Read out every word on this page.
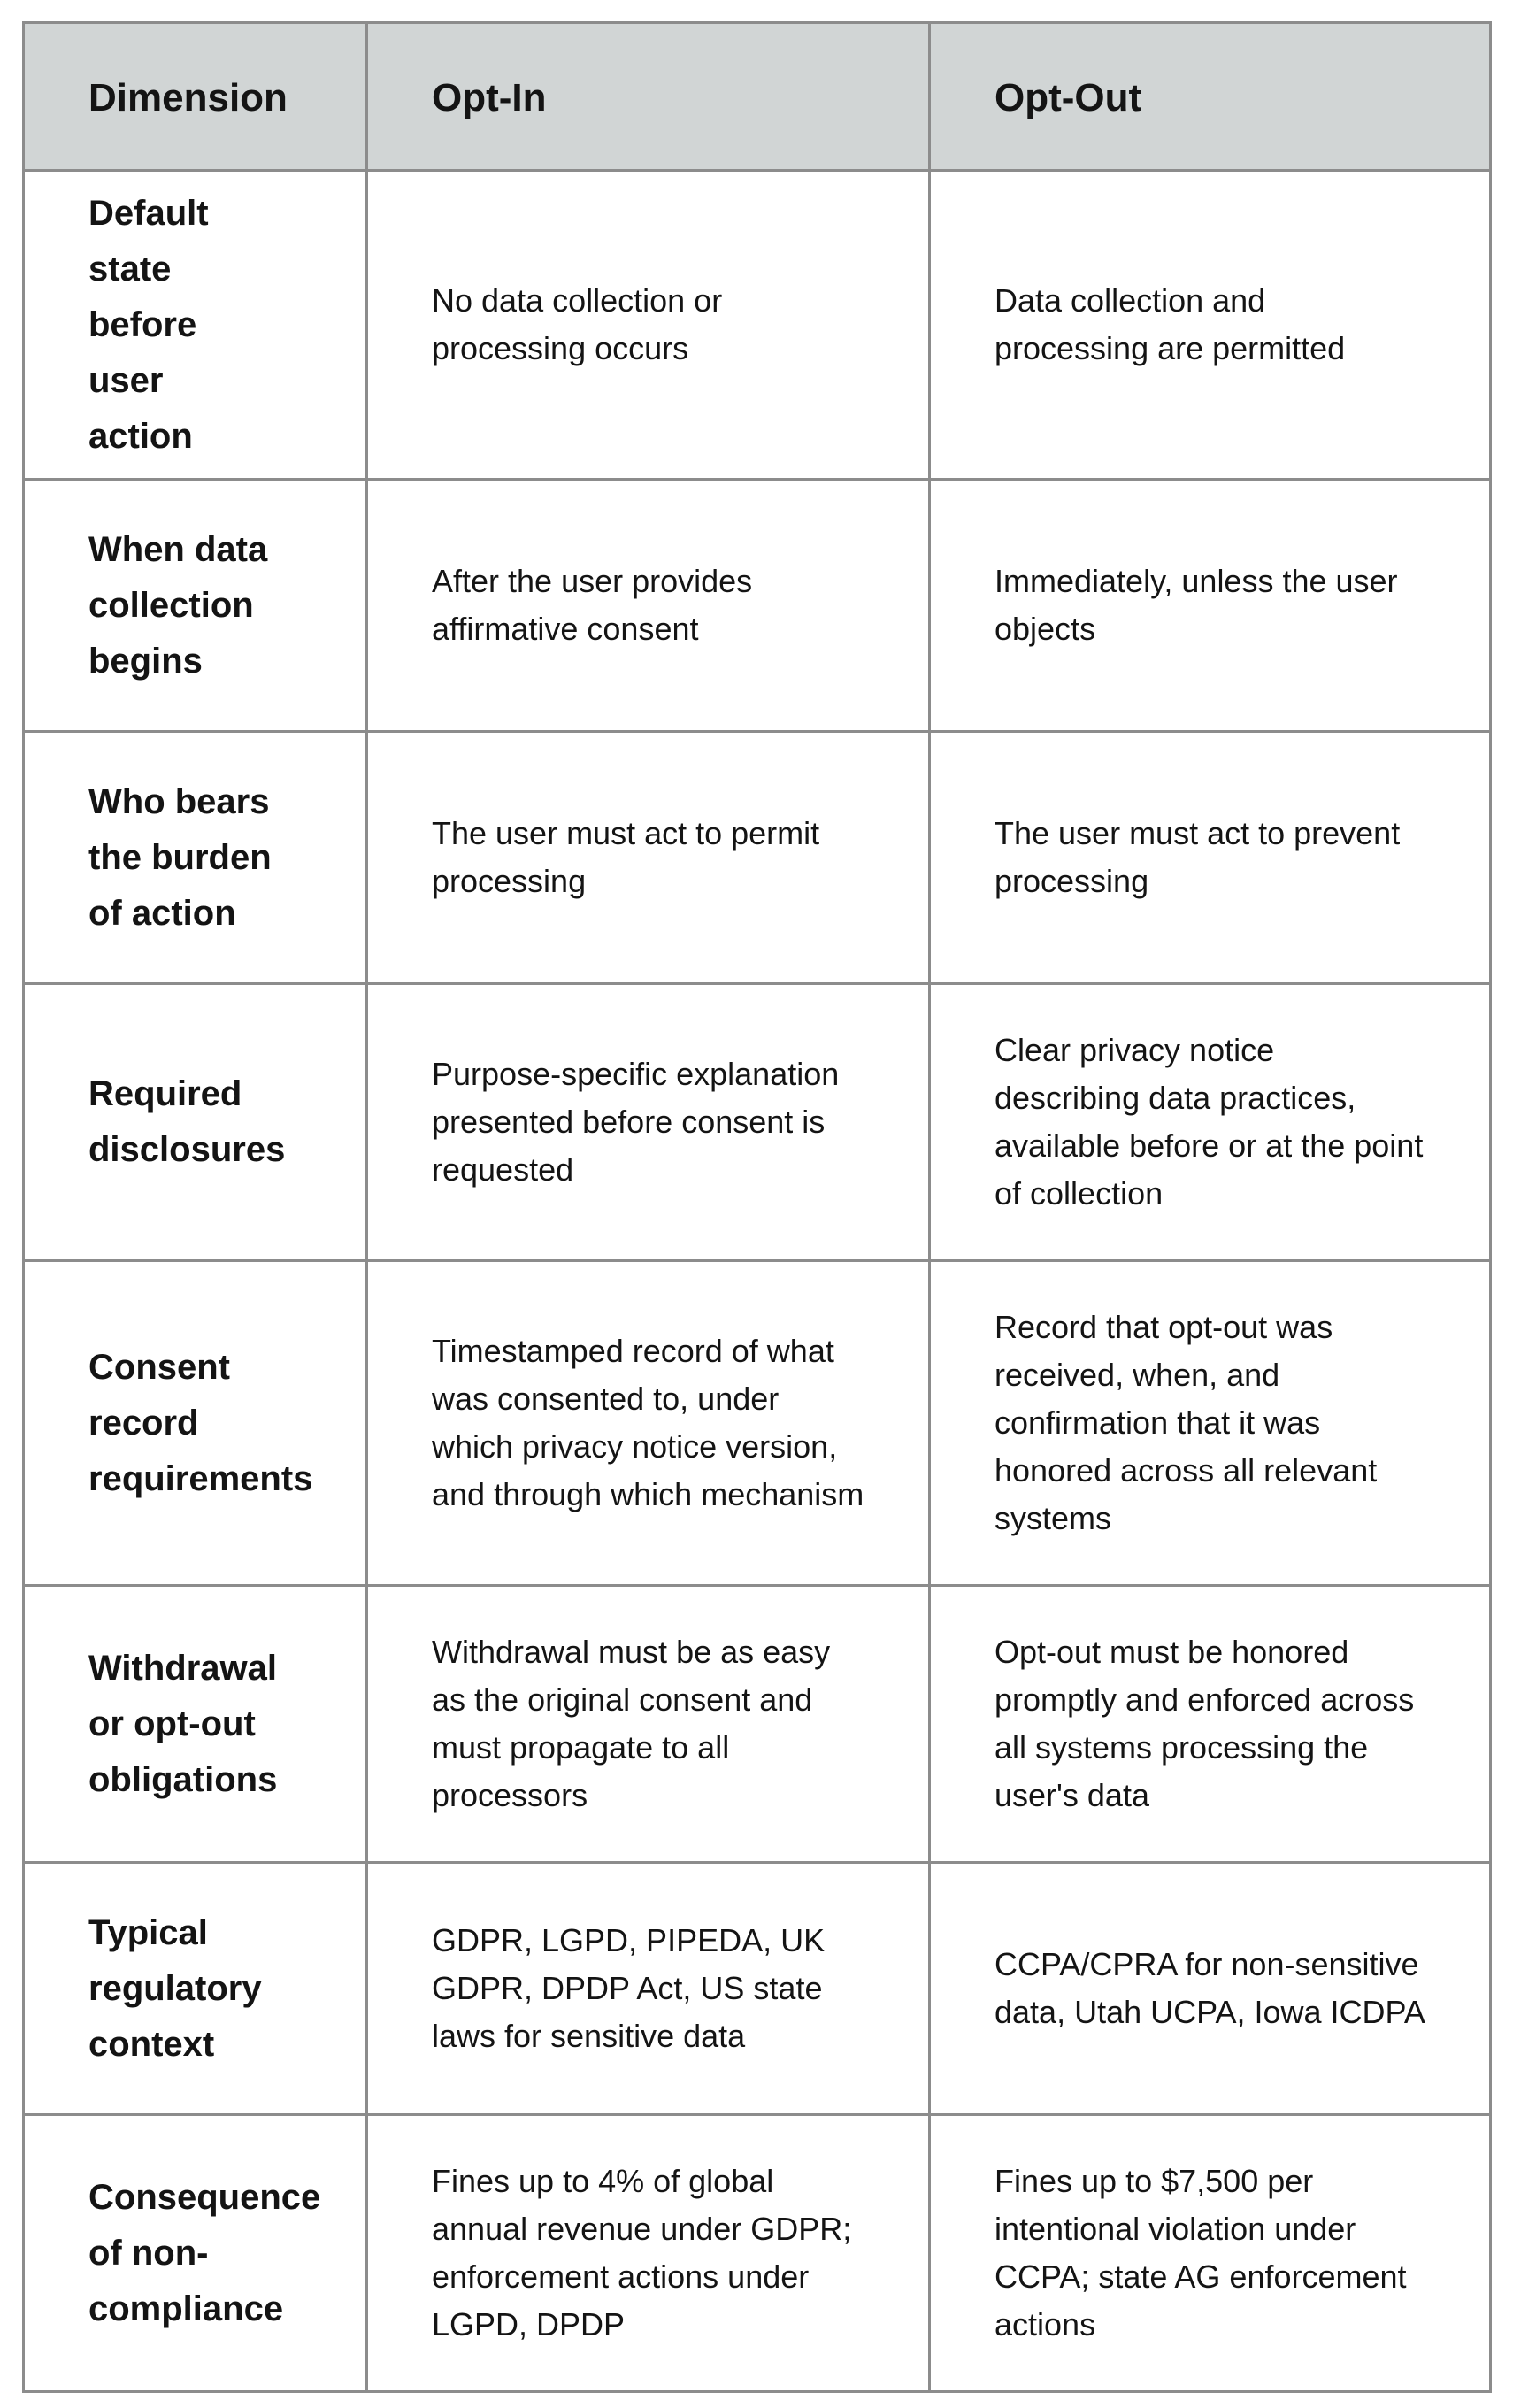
Dimension	Opt-In	Opt-Out
Default state before user action	No data collection or processing occurs	Data collection and processing are permitted
When data collection begins	After the user provides affirmative consent	Immediately, unless the user objects
Who bears the burden of action	The user must act to permit processing	The user must act to prevent processing
Required disclosures	Purpose-specific explanation presented before consent is requested	Clear privacy notice describing data practices, available before or at the point of collection
Consent record requirements	Timestamped record of what was consented to, under which privacy notice version, and through which mechanism	Record that opt-out was received, when, and confirmation that it was honored across all relevant systems
Withdrawal or opt-out obligations	Withdrawal must be as easy as the original consent and must propagate to all processors	Opt-out must be honored promptly and enforced across all systems processing the user's data
Typical regulatory context	GDPR, LGPD, PIPEDA, UK GDPR, DPDP Act, US state laws for sensitive data	CCPA/CPRA for non-sensitive data, Utah UCPA, Iowa ICDPA
Consequence of non-compliance	Fines up to 4% of global annual revenue under GDPR; enforcement actions under LGPD, DPDP	Fines up to $7,500 per intentional violation under CCPA; state AG enforcement actions
